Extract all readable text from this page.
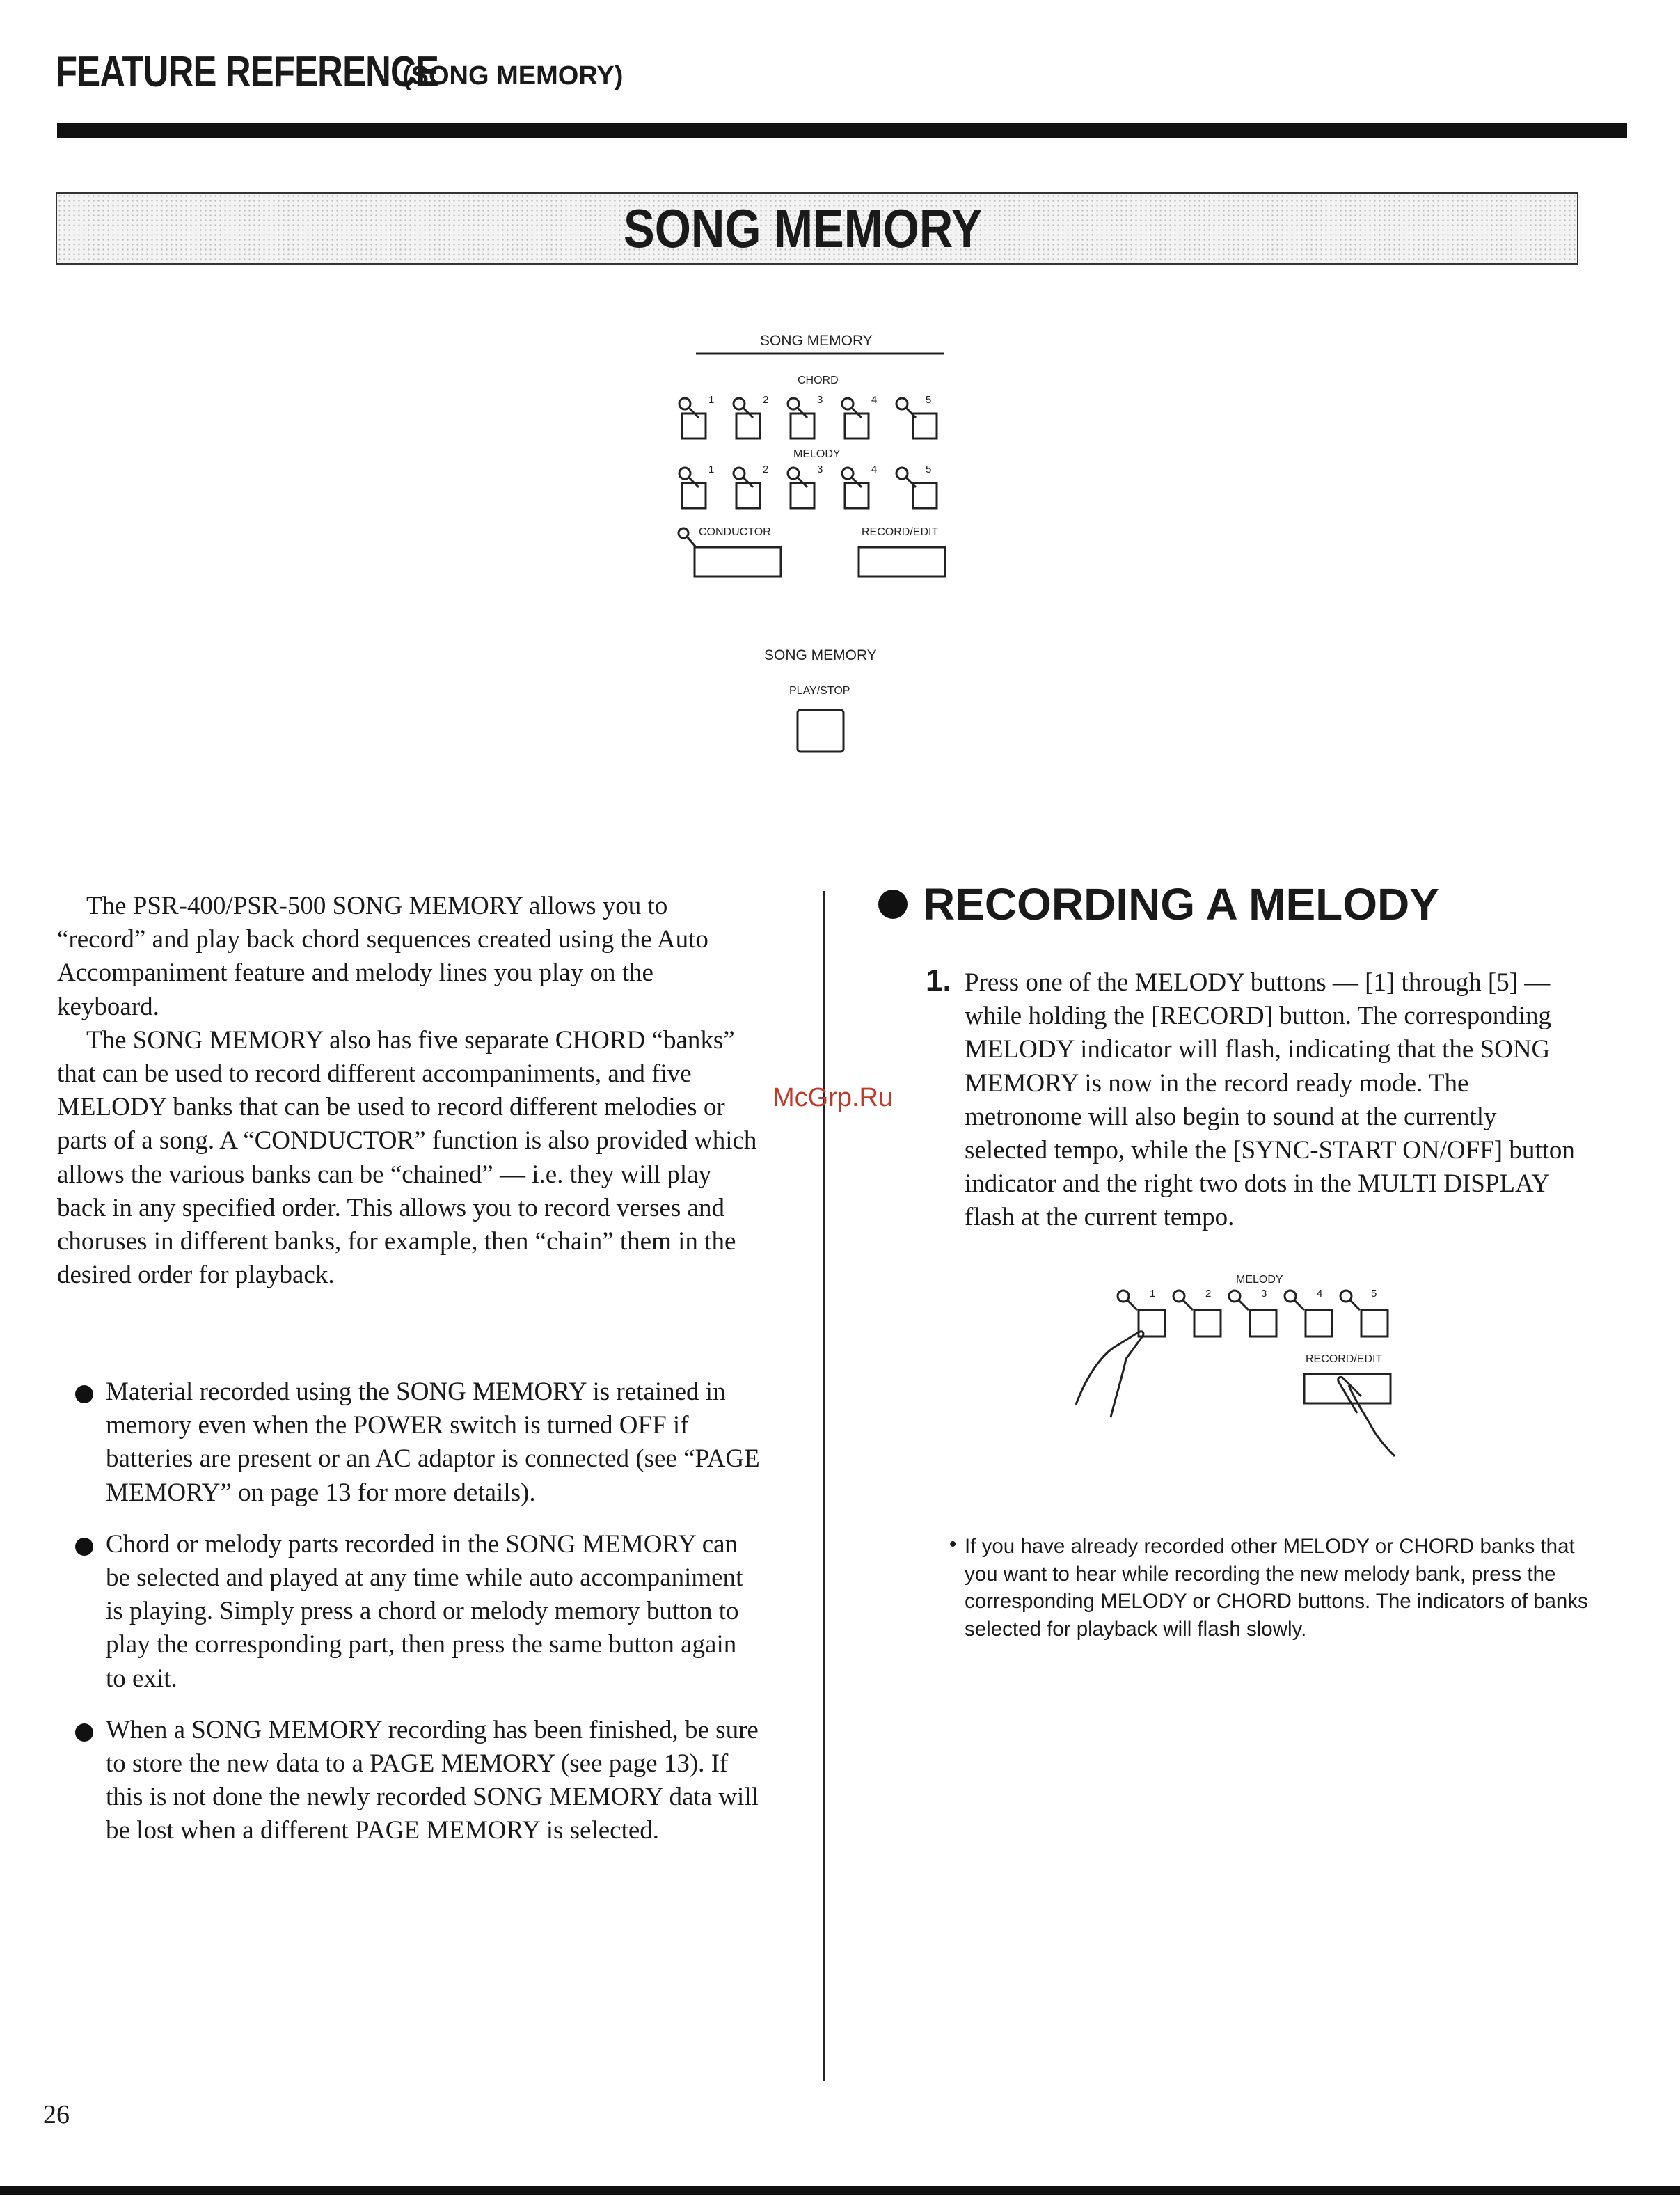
FEATURE REFERENCE
(SONG MEMORY)
SONG MEMORY
SONG MEMORY
CHORD
MELODY
1	2	3	4	5
1	2	3	4	5
CONDUCTOR	RECORD/EDIT
SONG MEMORY
PLAY/STOP

The PSR-400/PSR-500 SONG MEMORY allows you to “record” and play back chord sequences created using the Auto Accompaniment feature and melody lines you play on the keyboard.

The SONG MEMORY also has five separate CHORD “banks” that can be used to record different accompaniments, and five MELODY banks that can be used to record different melodies or parts of a song. A “CONDUCTOR” function is also provided which allows the various banks can be “chained” — i.e. they will play back in any specified order. This allows you to record verses and choruses in different banks, for example, then “chain” them in the desired order for playback.

Material recorded using the SONG MEMORY is retained in memory even when the POWER switch is turned OFF if batteries are present or an AC adaptor is connected (see “PAGE MEMORY” on page 13 for more details).
Chord or melody parts recorded in the SONG MEMORY can be selected and played at any time while auto accompaniment is playing. Simply press a chord or melody memory button to play the corresponding part, then press the same button again to exit.
When a SONG MEMORY recording has been finished, be sure to store the new data to a PAGE MEMORY (see page 13). If this is not done the newly recorded SONG MEMORY data will be lost when a different PAGE MEMORY is selected.
RECORDING A MELODY
1. Press one of the MELODY buttons — [1] through [5] — while holding the [RECORD] button. The corresponding MELODY indicator will flash, indicating that the SONG MEMORY is now in the record ready mode. The metronome will also begin to sound at the currently selected tempo, while the [SYNC-START ON/OFF] button indicator and the right two dots in the MULTI DISPLAY flash at the current tempo.
MELODY
1	2	3	4	5
RECORD/EDIT
• If you have already recorded other MELODY or CHORD banks that you want to hear while recording the new melody bank, press the corresponding MELODY or CHORD buttons. The indicators of banks selected for playback will flash slowly.
McGrp.Ru
26
